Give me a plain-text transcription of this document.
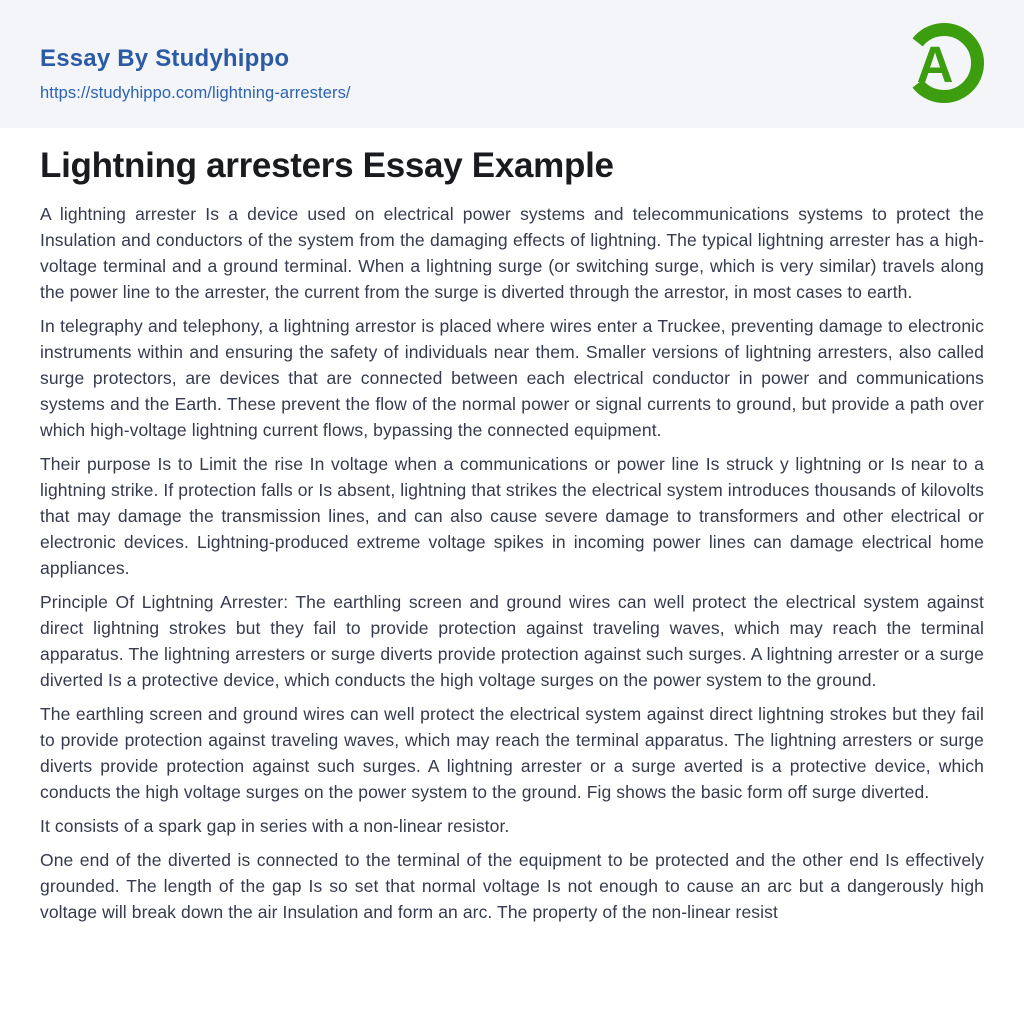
Essay By Studyhippo
https://studyhippo.com/lightning-arresters/	A
Lightning arresters Essay Example

A lightning arrester Is a device used on electrical power systems and telecommunications systems to protect the Insulation and conductors of the system from the damaging effects of lightning. The typical lightning arrester has a high-voltage terminal and a ground terminal. When a lightning surge (or switching surge, which is very similar) travels along the power line to the arrester, the current from the surge is diverted through the arrestor, in most cases to earth.

In telegraphy and telephony, a lightning arrestor is placed where wires enter a Truckee, preventing damage to electronic instruments within and ensuring the safety of individuals near them. Smaller versions of lightning arresters, also called surge protectors, are devices that are connected between each electrical conductor in power and communications systems and the Earth. These prevent the flow of the normal power or signal currents to ground, but provide a path over which high-voltage lightning current flows, bypassing the connected equipment.

Their purpose Is to Limit the rise In voltage when a communications or power line Is struck y lightning or Is near to a lightning strike. If protection falls or Is absent, lightning that strikes the electrical system introduces thousands of kilovolts that may damage the transmission lines, and can also cause severe damage to transformers and other electrical or electronic devices. Lightning-produced extreme voltage spikes in incoming power lines can damage electrical home appliances.

Principle Of Lightning Arrester: The earthling screen and ground wires can well protect the electrical system against direct lightning strokes but they fail to provide protection against traveling waves, which may reach the terminal apparatus. The lightning arresters or surge diverts provide protection against such surges. A lightning arrester or a surge diverted Is a protective device, which conducts the high voltage surges on the power system to the ground.

The earthling screen and ground wires can well protect the electrical system against direct lightning strokes but they fail to provide protection against traveling waves, which may reach the terminal apparatus. The lightning arresters or surge diverts provide protection against such surges. A lightning arrester or a surge averted is a protective device, which conducts the high voltage surges on the power system to the ground. Fig shows the basic form off surge diverted.

It consists of a spark gap in series with a non-linear resistor.

One end of the diverted is connected to the terminal of the equipment to be protected and the other end Is effectively grounded. The length of the gap Is so set that normal voltage Is not enough to cause an arc but a dangerously high voltage will break down the air Insulation and form an arc. The property of the non-linear resist
